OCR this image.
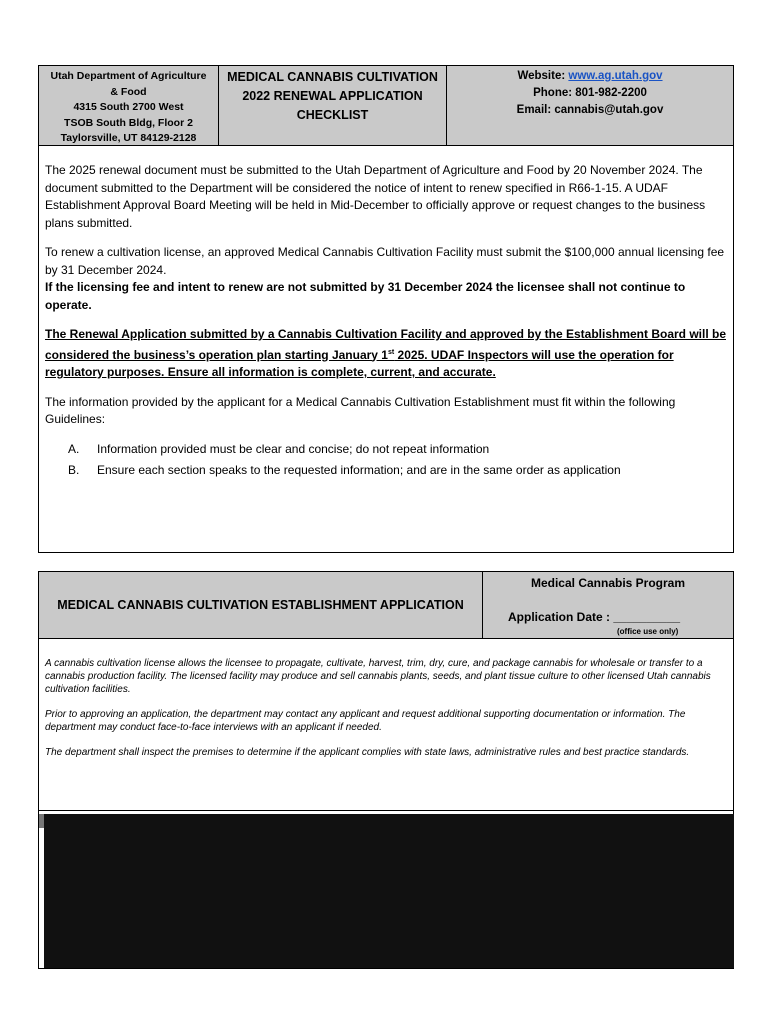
Utah Department of Agriculture
& Food
4315 South 2700 West
TSOB South Bldg, Floor 2
Taylorsville, UT 84129-2128
MEDICAL CANNABIS CULTIVATION
2022 RENEWAL APPLICATION
CHECKLIST
Website: www.ag.utah.gov
Phone: 801-982-2200
Email: cannabis@utah.gov

The 2025 renewal document must be submitted to the Utah Department of Agriculture and Food by 20 November 2024. The document submitted to the Department will be considered the notice of intent to renew specified in R66-1-15. A UDAF Establishment Approval Board Meeting will be held in Mid-December to officially approve or request changes to the business plans submitted.

To renew a cultivation license, an approved Medical Cannabis Cultivation Facility must submit the $100,000 annual licensing fee by 31 December 2024.
If the licensing fee and intent to renew are not submitted by 31 December 2024 the licensee shall not continue to operate.

The Renewal Application submitted by a Cannabis Cultivation Facility and approved by the Establishment Board will be considered the business’s operation plan starting January 1st 2025. UDAF Inspectors will use the operation for regulatory purposes. Ensure all information is complete, current, and accurate.

The information provided by the applicant for a Medical Cannabis Cultivation Establishment must fit within the following Guidelines:

A.	Information provided must be clear and concise; do not repeat information
B.	Ensure each section speaks to the requested information; and are in the same order as application
MEDICAL CANNABIS CULTIVATION ESTABLISHMENT APPLICATION
Medical Cannabis Program
Application Date : __________
(office use only)

A cannabis cultivation license allows the licensee to propagate, cultivate, harvest, trim, dry, cure, and package cannabis for wholesale or transfer to a cannabis production facility. The licensed facility may produce and sell cannabis plants, seeds, and plant tissue culture to other licensed Utah cannabis cultivation facilities.

Prior to approving an application, the department may contact any applicant and request additional supporting documentation or information. The department may conduct face-to-face interviews with an applicant if needed.

The department shall inspect the premises to determine if the applicant complies with state laws, administrative rules and best practice standards.
